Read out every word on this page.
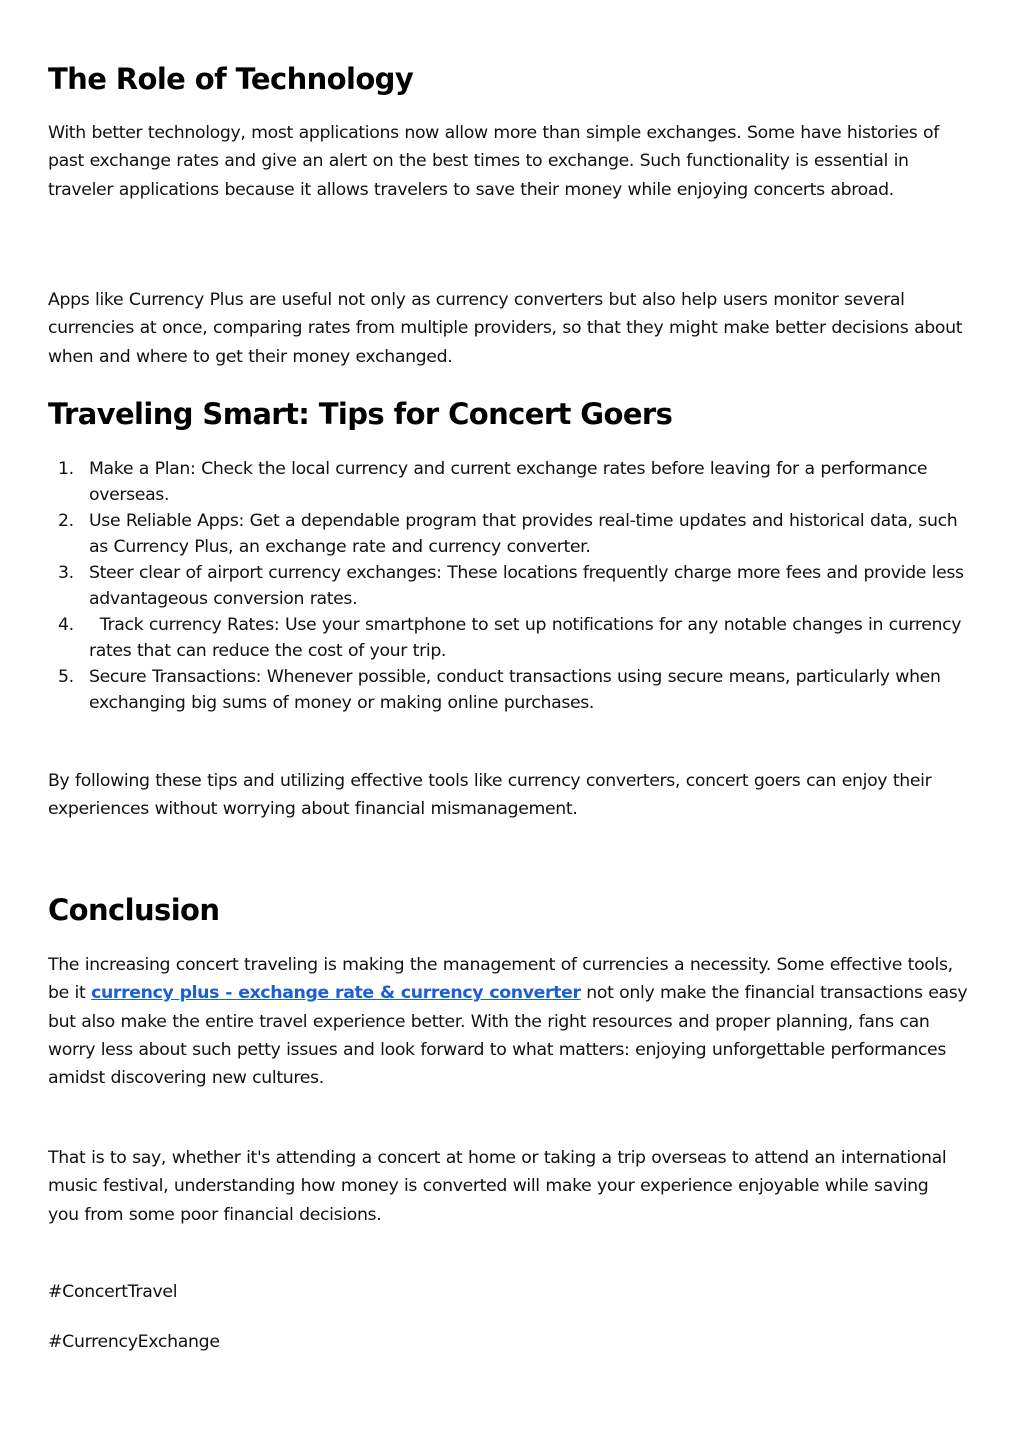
The Role of Technology

With better technology, most applications now allow more than simple exchanges. Some have histories of past exchange rates and give an alert on the best times to exchange. Such functionality is essential in traveler applications because it allows travelers to save their money while enjoying concerts abroad.

Apps like Currency Plus are useful not only as currency converters but also help users monitor several currencies at once, comparing rates from multiple providers, so that they might make better decisions about when and where to get their money exchanged.

Traveling Smart: Tips for Concert Goers
1. Make a Plan: Check the local currency and current exchange rates before leaving for a performance overseas.
2. Use Reliable Apps: Get a dependable program that provides real-time updates and historical data, such as Currency Plus, an exchange rate and currency converter.
3. Steer clear of airport currency exchanges: These locations frequently charge more fees and provide less advantageous conversion rates.
4. Track currency Rates: Use your smartphone to set up notifications for any notable changes in currency rates that can reduce the cost of your trip.
5. Secure Transactions: Whenever possible, conduct transactions using secure means, particularly when exchanging big sums of money or making online purchases.

By following these tips and utilizing effective tools like currency converters, concert goers can enjoy their experiences without worrying about financial mismanagement.

Conclusion

The increasing concert traveling is making the management of currencies a necessity. Some effective tools, be it currency plus - exchange rate & currency converter not only make the financial transactions easy but also make the entire travel experience better. With the right resources and proper planning, fans can worry less about such petty issues and look forward to what matters: enjoying unforgettable performances amidst discovering new cultures.

That is to say, whether it's attending a concert at home or taking a trip overseas to attend an international music festival, understanding how money is converted will make your experience enjoyable while saving you from some poor financial decisions.

#ConcertTravel
#CurrencyExchange
